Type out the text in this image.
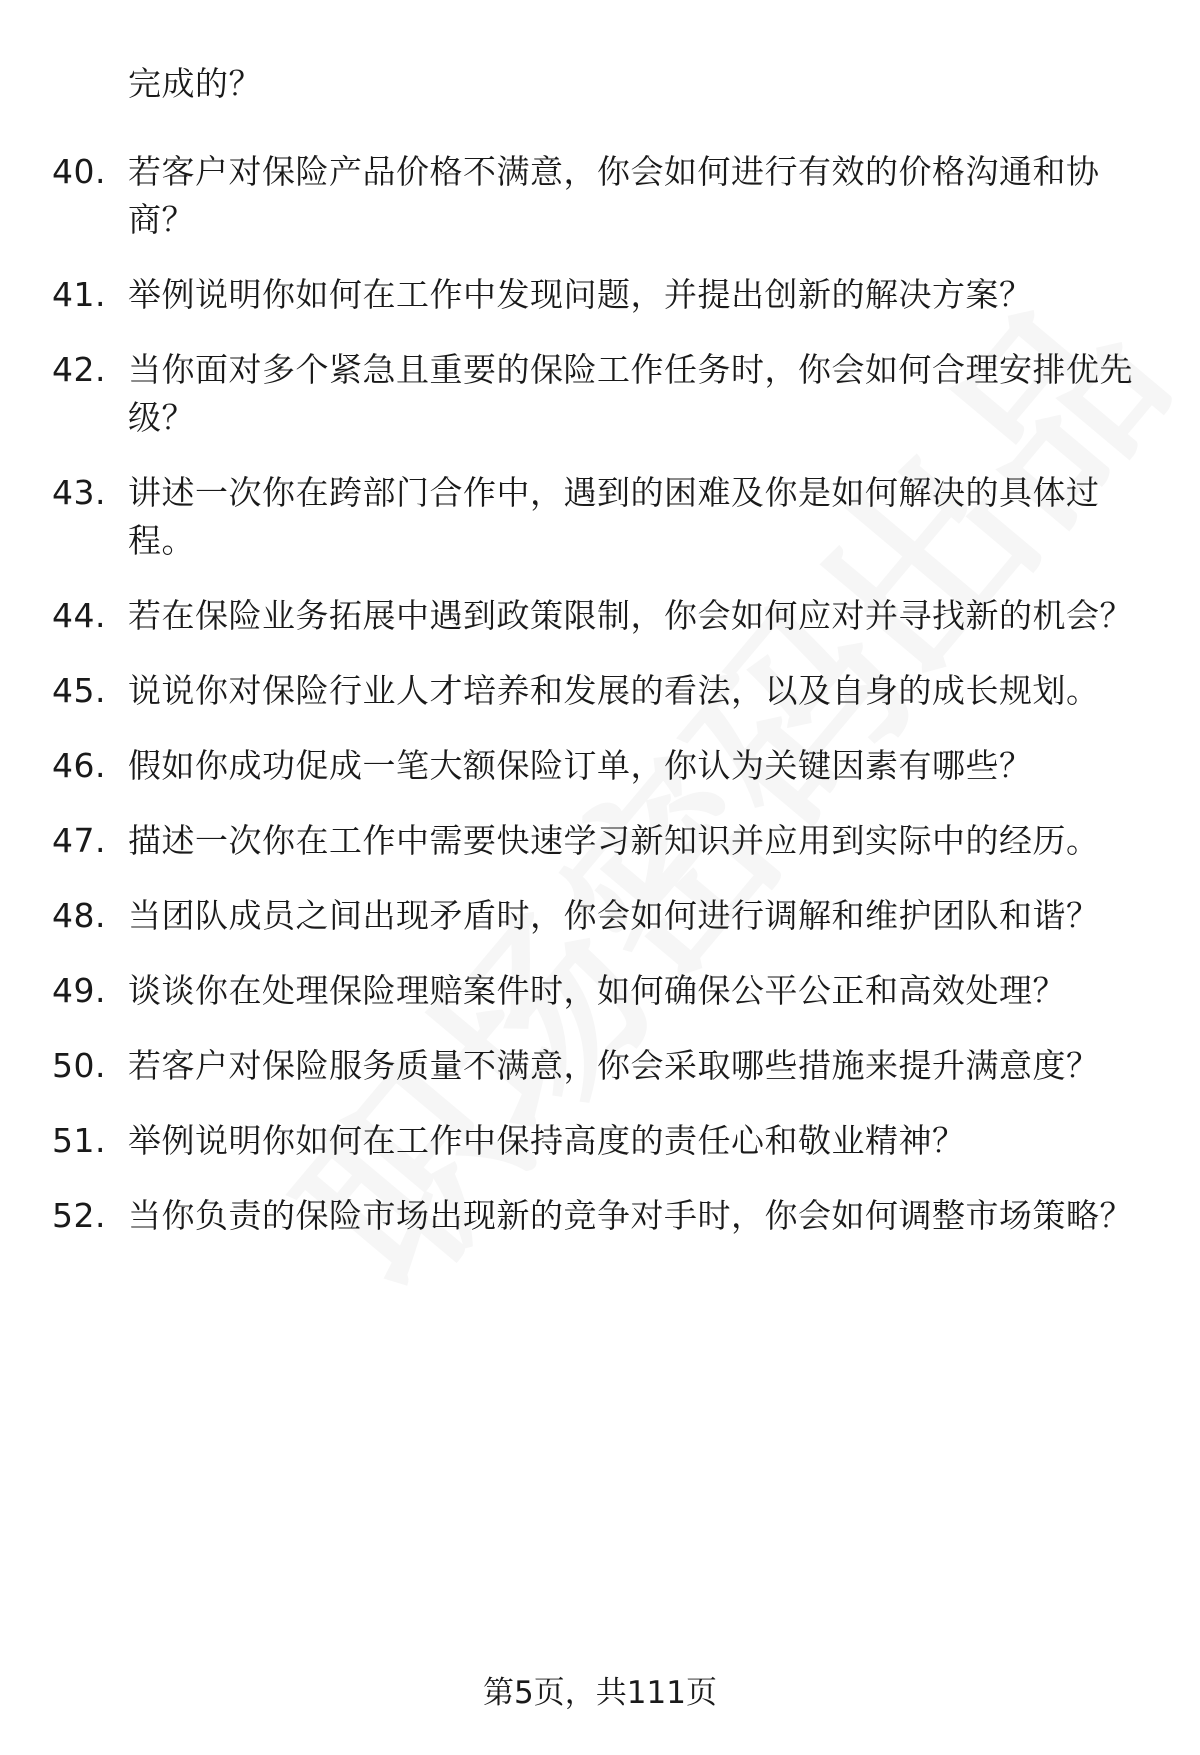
完成的？
40. 若客户对保险产品价格不满意，你会如何进行有效的价格沟通和协商？
41. 举例说明你如何在工作中发现问题，并提出创新的解决方案？
42. 当你面对多个紧急且重要的保险工作任务时，你会如何合理安排优先级？
43. 讲述一次你在跨部门合作中，遇到的困难及你是如何解决的具体过程。
44. 若在保险业务拓展中遇到政策限制，你会如何应对并寻找新的机会？
45. 说说你对保险行业人才培养和发展的看法，以及自身的成长规划。
46. 假如你成功促成一笔大额保险订单，你认为关键因素有哪些？
47. 描述一次你在工作中需要快速学习新知识并应用到实际中的经历。
48. 当团队成员之间出现矛盾时，你会如何进行调解和维护团队和谐？
49. 谈谈你在处理保险理赔案件时，如何确保公平公正和高效处理？
50. 若客户对保险服务质量不满意，你会采取哪些措施来提升满意度？
51. 举例说明你如何在工作中保持高度的责任心和敬业精神？
52. 当你负责的保险市场出现新的竞争对手时，你会如何调整市场策略？
第5页，共111页
